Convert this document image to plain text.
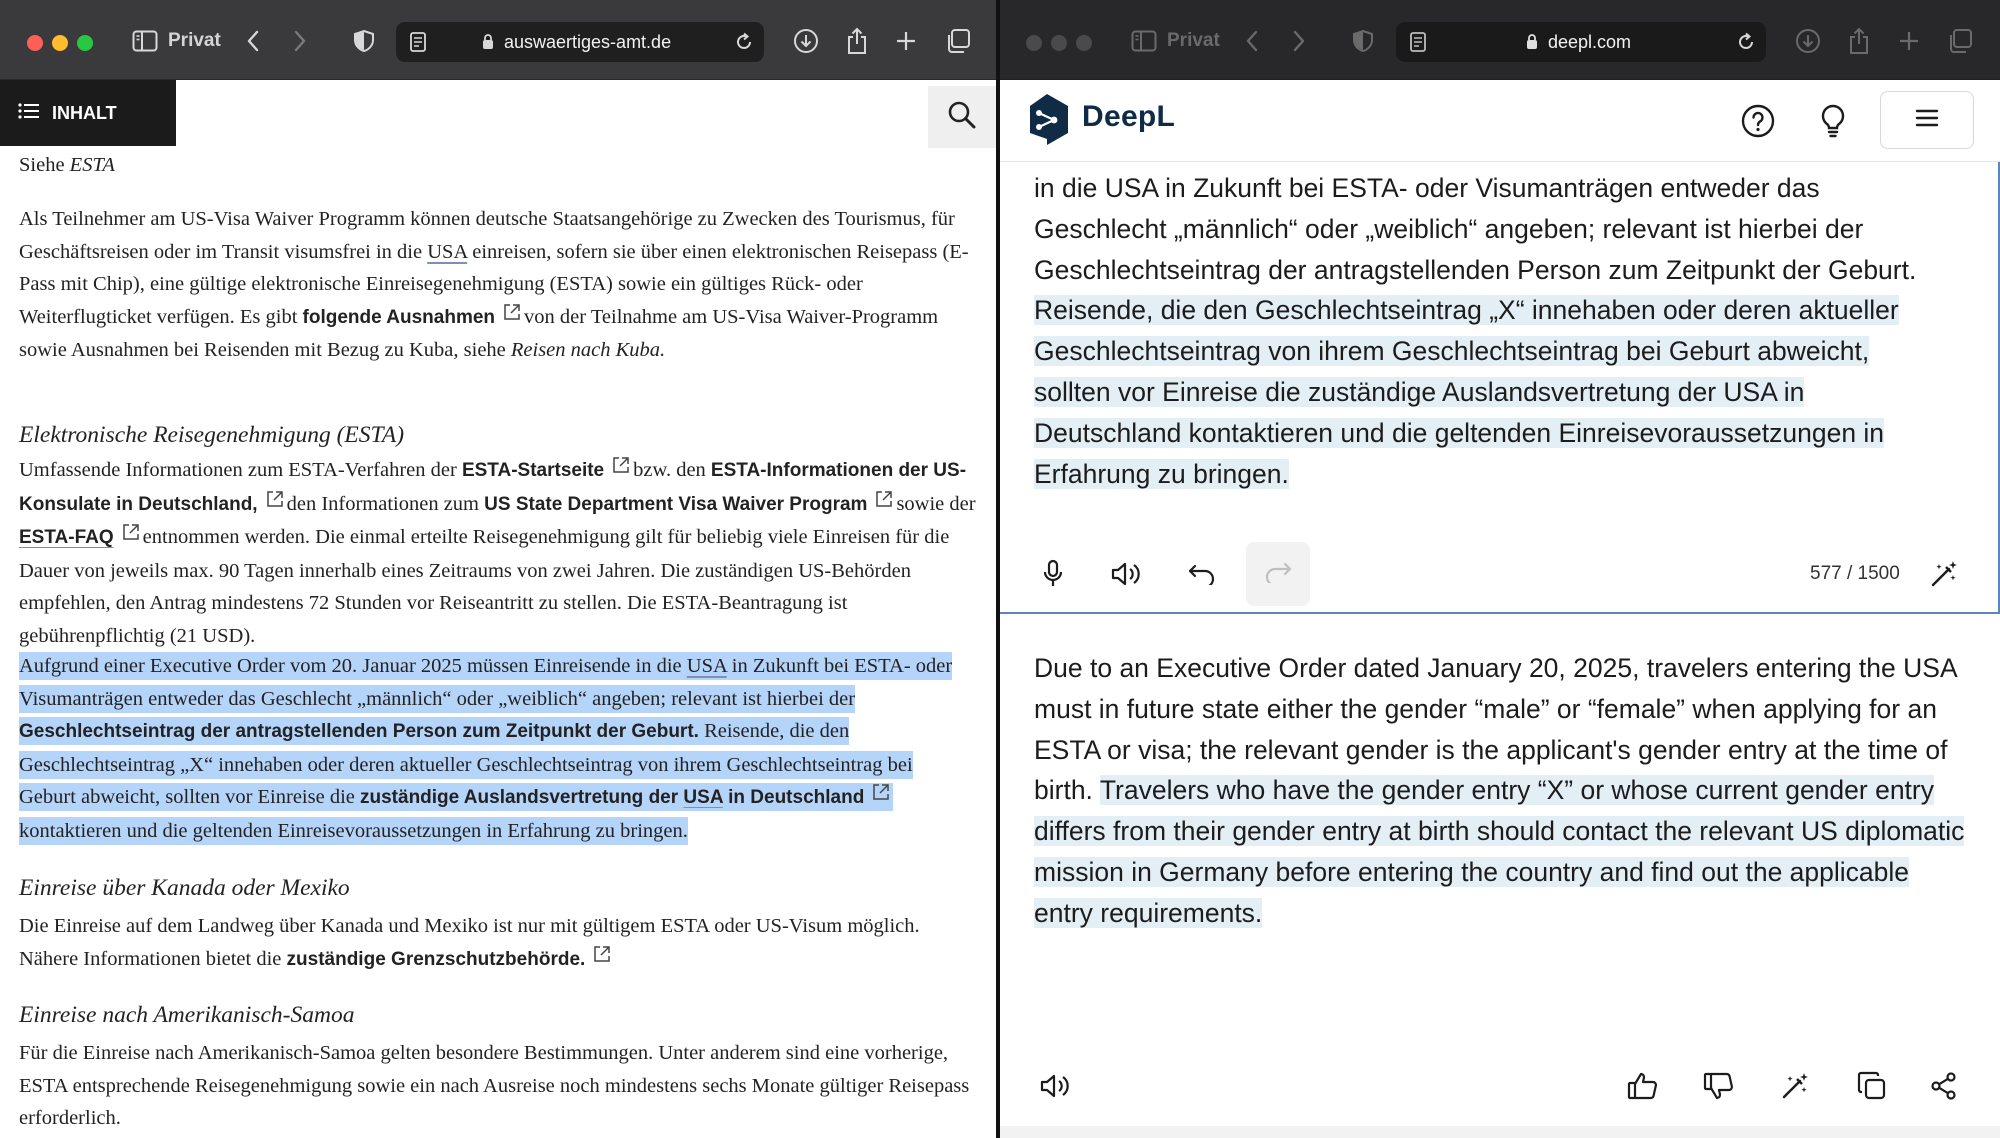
Privat	auswaertiges-amt.de
INHALT
Siehe ESTA
Als Teilnehmer am US-Visa Waiver Programm können deutsche Staatsangehörige zu Zwecken des Tourismus, für Geschäftsreisen oder im Transit visumsfrei in die USA einreisen, sofern sie über einen elektronischen Reisepass (E-Pass mit Chip), eine gültige elektronische Einreisegenehmigung (ESTA) sowie ein gültiges Rück- oder Weiterflugticket verfügen. Es gibt folgende Ausnahmen von der Teilnahme am US-Visa Waiver-Programm sowie Ausnahmen bei Reisenden mit Bezug zu Kuba, siehe Reisen nach Kuba.
Elektronische Reisegenehmigung (ESTA)
Umfassende Informationen zum ESTA-Verfahren der ESTA-Startseite bzw. den ESTA-Informationen der US-Konsulate in Deutschland, den Informationen zum US State Department Visa Waiver Program sowie der ESTA-FAQ entnommen werden. Die einmal erteilte Reisegenehmigung gilt für beliebig viele Einreisen für die Dauer von jeweils max. 90 Tagen innerhalb eines Zeitraums von zwei Jahren. Die zuständigen US-Behörden empfehlen, den Antrag mindestens 72 Stunden vor Reiseantritt zu stellen. Die ESTA-Beantragung ist gebührenpflichtig (21 USD).
Aufgrund einer Executive Order vom 20. Januar 2025 müssen Einreisende in die USA in Zukunft bei ESTA- oder Visumanträgen entweder das Geschlecht „männlich“ oder „weiblich“ angeben; relevant ist hierbei der Geschlechtseintrag der antragstellenden Person zum Zeitpunkt der Geburt. Reisende, die den Geschlechtseintrag „X“ innehaben oder deren aktueller Geschlechtseintrag von ihrem Geschlechtseintrag bei Geburt abweicht, sollten vor Einreise die zuständige Auslandsvertretung der USA in Deutschlandkontaktieren und die geltenden Einreisevoraussetzungen in Erfahrung zu bringen.
Einreise über Kanada oder Mexiko
Die Einreise auf dem Landweg über Kanada und Mexiko ist nur mit gültigem ESTA oder US-Visum möglich. Nähere Informationen bietet die zuständige Grenzschutzbehörde.
Einreise nach Amerikanisch-Samoa
Für die Einreise nach Amerikanisch-Samoa gelten besondere Bestimmungen. Unter anderem sind eine vorherige, ESTA entsprechende Reisegenehmigung sowie ein nach Ausreise noch mindestens sechs Monate gültiger Reisepass erforderlich.
Privat	deepl.com
DeepL
in die USA in Zukunft bei ESTA- oder Visumanträgen entweder das Geschlecht „männlich“ oder „weiblich“ angeben; relevant ist hierbei der Geschlechtseintrag der antragstellenden Person zum Zeitpunkt der Geburt. Reisende, die den Geschlechtseintrag „X“ innehaben oder deren aktueller Geschlechtseintrag von ihrem Geschlechtseintrag bei Geburt abweicht, sollten vor Einreise die zuständige Auslandsvertretung der USA in Deutschland kontaktieren und die geltenden Einreisevoraussetzungen in Erfahrung zu bringen.
577 / 1500
Due to an Executive Order dated January 20, 2025, travelers entering the USA must in future state either the gender “male” or “female” when applying for an ESTA or visa; the relevant gender is the applicant's gender entry at the time of birth. Travelers who have the gender entry “X” or whose current gender entry differs from their gender entry at birth should contact the relevant US diplomatic mission in Germany before entering the country and find out the applicable entry requirements.
